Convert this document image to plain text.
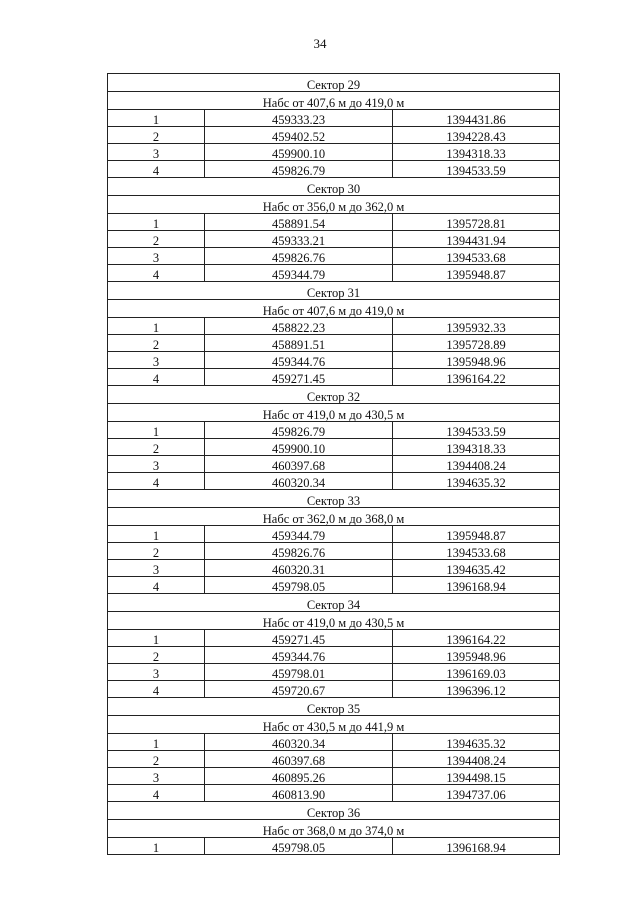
34
Сектор 29		
Набс от 407,6 м до 419,0 м		
1	459333.23	1394431.86
2	459402.52	1394228.43
3	459900.10	1394318.33
4	459826.79	1394533.59
Сектор 30		
Набс от 356,0 м до 362,0 м		
1	458891.54	1395728.81
2	459333.21	1394431.94
3	459826.76	1394533.68
4	459344.79	1395948.87
Сектор 31		
Набс от 407,6 м до 419,0 м		
1	458822.23	1395932.33
2	458891.51	1395728.89
3	459344.76	1395948.96
4	459271.45	1396164.22
Сектор 32		
Набс от 419,0 м до 430,5 м		
1	459826.79	1394533.59
2	459900.10	1394318.33
3	460397.68	1394408.24
4	460320.34	1394635.32
Сектор 33		
Набс от 362,0 м до 368,0 м		
1	459344.79	1395948.87
2	459826.76	1394533.68
3	460320.31	1394635.42
4	459798.05	1396168.94
Сектор 34		
Набс от 419,0 м до 430,5 м		
1	459271.45	1396164.22
2	459344.76	1395948.96
3	459798.01	1396169.03
4	459720.67	1396396.12
Сектор 35		
Набс от 430,5 м до 441,9 м		
1	460320.34	1394635.32
2	460397.68	1394408.24
3	460895.26	1394498.15
4	460813.90	1394737.06
Сектор 36		
Набс от 368,0 м до 374,0 м		
1	459798.05	1396168.94
